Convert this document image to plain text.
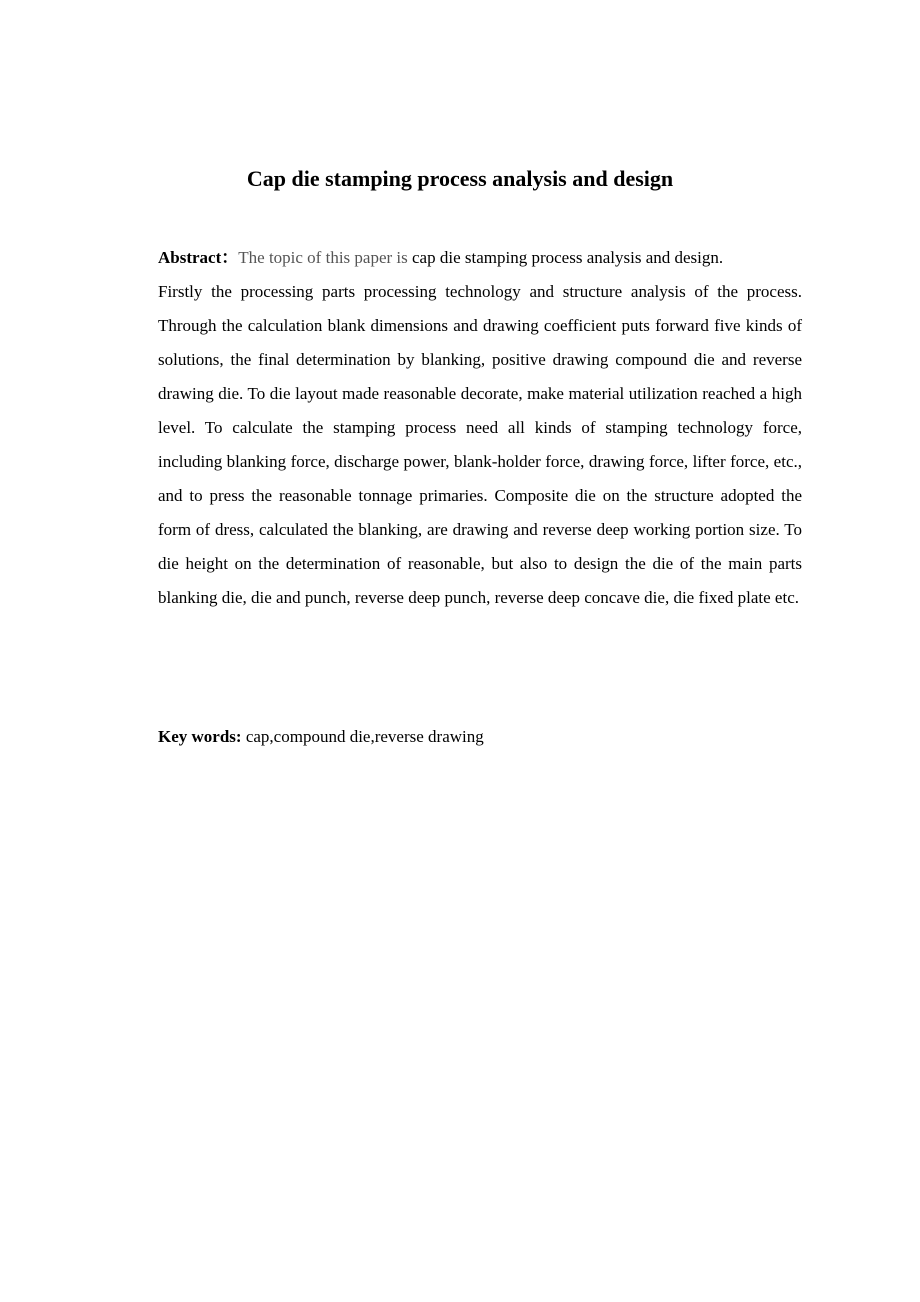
Cap die stamping process analysis and design

Abstract：The topic of this paper is cap die stamping process analysis and design.

Firstly the processing parts processing technology and structure analysis of the process. Through the calculation blank dimensions and drawing coefficient puts forward five kinds of solutions, the final determination by blanking, positive drawing compound die and reverse drawing die. To die layout made reasonable decorate, make material utilization reached a high level. To calculate the stamping process need all kinds of stamping technology force, including blanking force, discharge power, blank-holder force, drawing force, lifter force, etc., and to press the reasonable tonnage primaries. Composite die on the structure adopted the form of dress, calculated the blanking, are drawing and reverse deep working portion size. To die height on the determination of reasonable, but also to design the die of the main parts blanking die, die and punch, reverse deep punch, reverse deep concave die, die fixed plate etc.

Key words: cap,compound die,reverse drawing
